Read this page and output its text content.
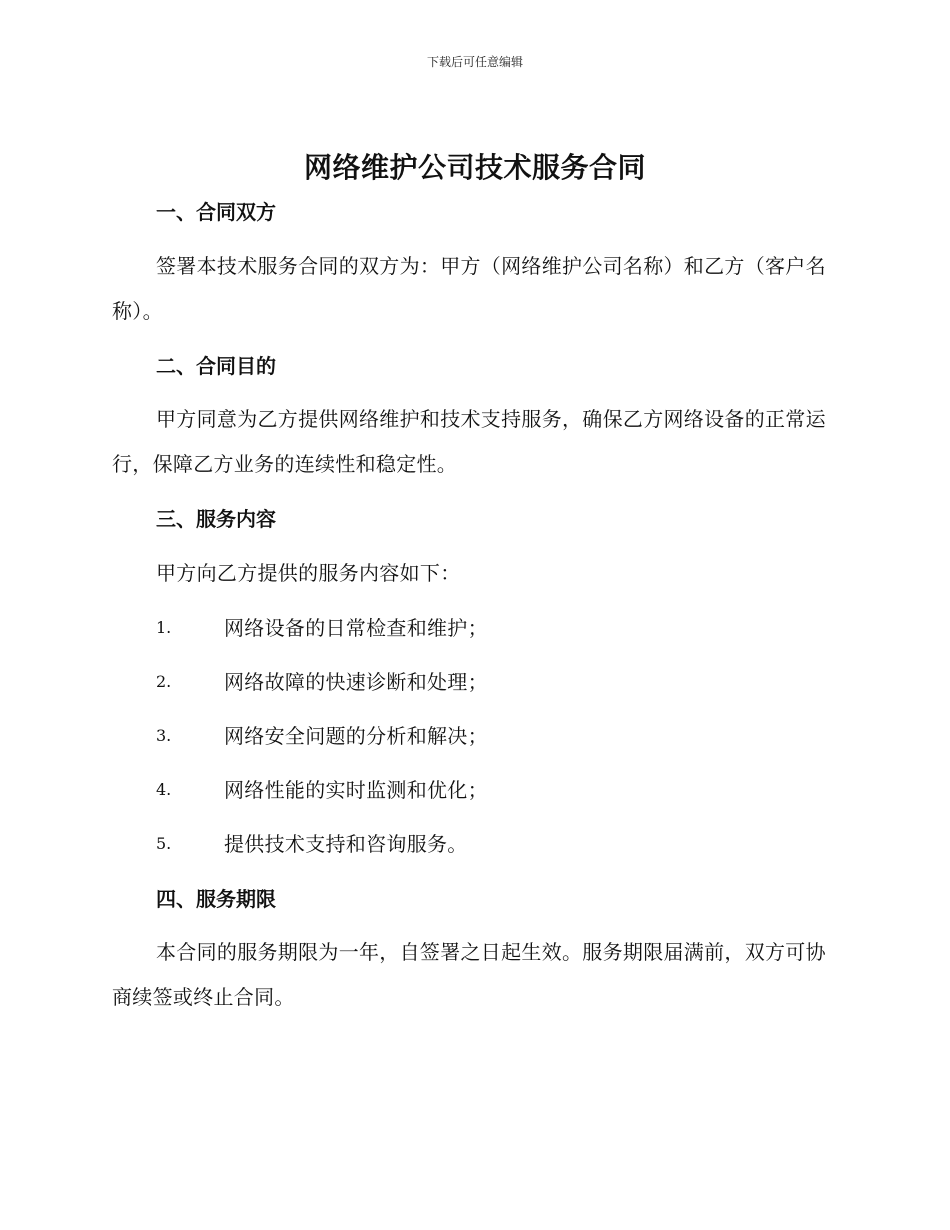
下载后可任意编辑
网络维护公司技术服务合同
一、合同双方

签署本技术服务合同的双方为：甲方（网络维护公司名称）和乙方（客户名称）。

二、合同目的

甲方同意为乙方提供网络维护和技术支持服务，确保乙方网络设备的正常运行，保障乙方业务的连续性和稳定性。

三、服务内容

甲方向乙方提供的服务内容如下：

1.	网络设备的日常检查和维护；
2.	网络故障的快速诊断和处理；
3.	网络安全问题的分析和解决；
4.	网络性能的实时监测和优化；
5.	提供技术支持和咨询服务。
四、服务期限

本合同的服务期限为一年，自签署之日起生效。服务期限届满前，双方可协商续签或终止合同。
